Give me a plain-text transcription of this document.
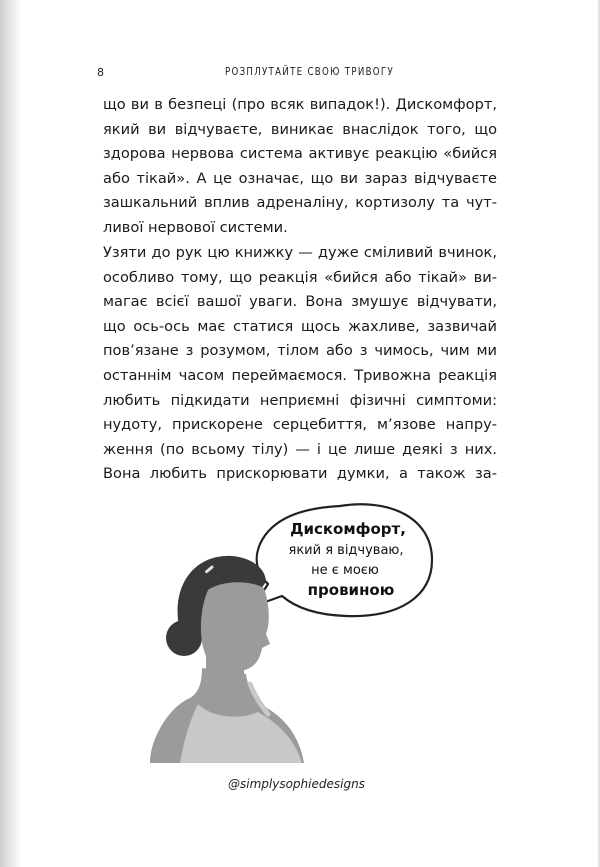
8	РОЗПЛУТАЙТЕ СВОЮ ТРИВОГУ
що ви в безпеці (про всяк випадок!). Дискомфорт,
який ви відчуваєте, виникає внаслідок того, що
здорова нервова система активує реакцію «бийся
або тікай». А це означає, що ви зараз відчуваєте
зашкальний вплив адреналіну, кортизолу та чут-
ливої нервової системи.
Узяти до рук цю книжку — дуже сміливий вчинок,
особливо тому, що реакція «бийся або тікай» ви-
магає всієї вашої уваги. Вона змушує відчувати,
що ось-ось має статися щось жахливе, зазвичай
пов’язане з розумом, тілом або з чимось, чим ми
останнім часом переймаємося. Тривожна реакція
любить підкидати неприємні фізичні симптоми:
нудоту, прискорене серцебиття, м’язове напру-
ження (по всьому тілу) — і це лише деякі з них.
Вона любить прискорювати думки, а також за-
Дискомфорт,
який я відчуваю,
не є моєю
провиною
@simplysophiedesigns
